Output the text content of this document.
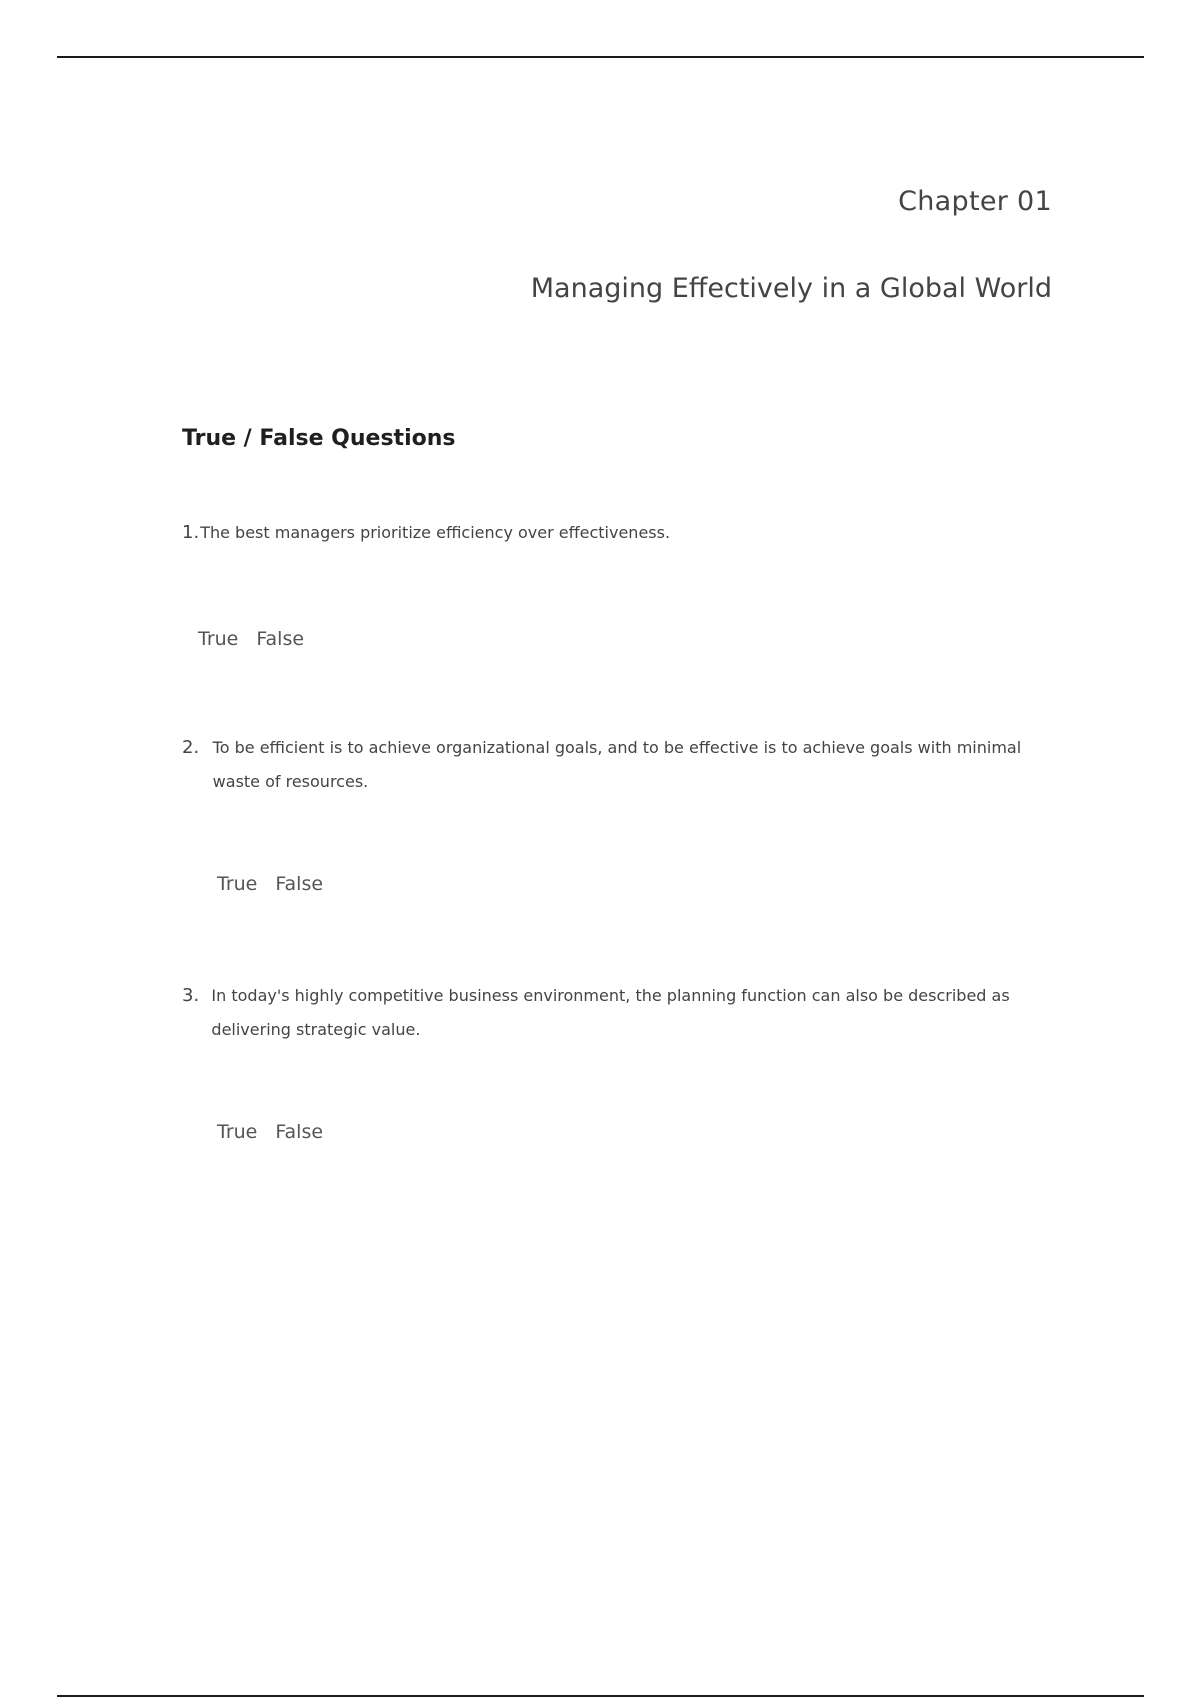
Chapter 01
Managing Effectively in a Global World
True / False Questions
1. The best managers prioritize efficiency over effectiveness.
True False
2. To be efficient is to achieve organizational goals, and to be effective is to achieve goals with minimal waste of resources.
True False
3. In today's highly competitive business environment, the planning function can also be described as delivering strategic value.
True False
